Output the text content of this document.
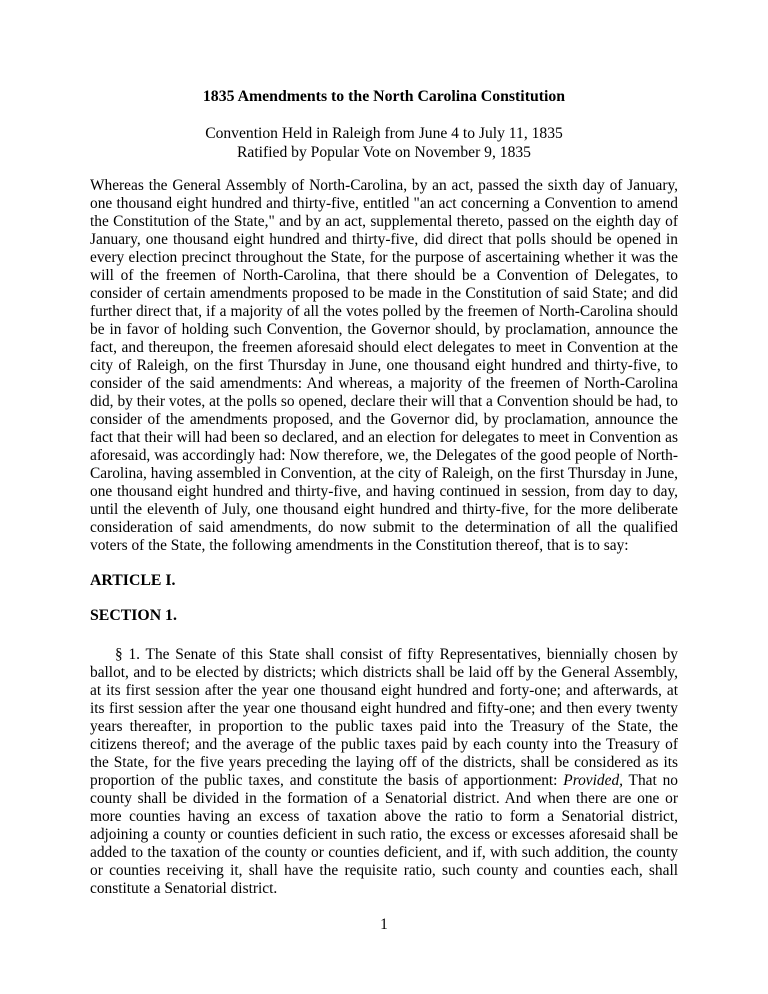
1835 Amendments to the North Carolina Constitution

Convention Held in Raleigh from June 4 to July 11, 1835
Ratified by Popular Vote on November 9, 1835

Whereas the General Assembly of North-Carolina, by an act, passed the sixth day of January, one thousand eight hundred and thirty-five, entitled "an act concerning a Convention to amend the Constitution of the State," and by an act, supplemental thereto, passed on the eighth day of January, one thousand eight hundred and thirty-five, did direct that polls should be opened in every election precinct throughout the State, for the purpose of ascertaining whether it was the will of the freemen of North-Carolina, that there should be a Convention of Delegates, to consider of certain amendments proposed to be made in the Constitution of said State; and did further direct that, if a majority of all the votes polled by the freemen of North-Carolina should be in favor of holding such Convention, the Governor should, by proclamation, announce the fact, and thereupon, the freemen aforesaid should elect delegates to meet in Convention at the city of Raleigh, on the first Thursday in June, one thousand eight hundred and thirty-five, to consider of the said amendments: And whereas, a majority of the freemen of North-Carolina did, by their votes, at the polls so opened, declare their will that a Convention should be had, to consider of the amendments proposed, and the Governor did, by proclamation, announce the fact that their will had been so declared, and an election for delegates to meet in Convention as aforesaid, was accordingly had: Now therefore, we, the Delegates of the good people of North-Carolina, having assembled in Convention, at the city of Raleigh, on the first Thursday in June, one thousand eight hundred and thirty-five, and having continued in session, from day to day, until the eleventh of July, one thousand eight hundred and thirty-five, for the more deliberate consideration of said amendments, do now submit to the determination of all the qualified voters of the State, the following amendments in the Constitution thereof, that is to say:

ARTICLE I.
SECTION 1.

§ 1. The Senate of this State shall consist of fifty Representatives, biennially chosen by ballot, and to be elected by districts; which districts shall be laid off by the General Assembly, at its first session after the year one thousand eight hundred and forty-one; and afterwards, at its first session after the year one thousand eight hundred and fifty-one; and then every twenty years thereafter, in proportion to the public taxes paid into the Treasury of the State, the citizens thereof; and the average of the public taxes paid by each county into the Treasury of the State, for the five years preceding the laying off of the districts, shall be considered as its proportion of the public taxes, and constitute the basis of apportionment: Provided, That no county shall be divided in the formation of a Senatorial district. And when there are one or more counties having an excess of taxation above the ratio to form a Senatorial district, adjoining a county or counties deficient in such ratio, the excess or excesses aforesaid shall be added to the taxation of the county or counties deficient, and if, with such addition, the county or counties receiving it, shall have the requisite ratio, such county and counties each, shall constitute a Senatorial district.

1
